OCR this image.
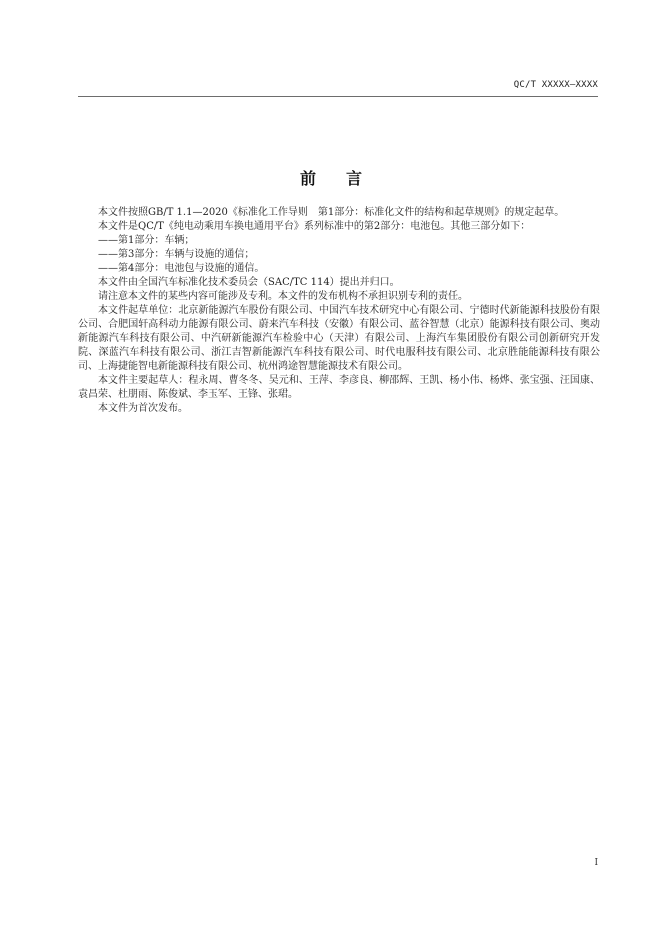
QC/T XXXXX—XXXX
前言

本文件按照GB/T 1.1—2020《标准化工作导则　第1部分：标准化文件的结构和起草规则》的规定起草。

本文件是QC/T《纯电动乘用车换电通用平台》系列标准中的第2部分：电池包。其他三部分如下：

——第1部分：车辆；

——第3部分：车辆与设施的通信；

——第4部分：电池包与设施的通信。

本文件由全国汽车标准化技术委员会（SAC/TC 114）提出并归口。

请注意本文件的某些内容可能涉及专利。本文件的发布机构不承担识别专利的责任。

本文件起草单位：北京新能源汽车股份有限公司、中国汽车技术研究中心有限公司、宁德时代新能源科技股份有限公司、合肥国轩高科动力能源有限公司、蔚来汽车科技（安徽）有限公司、蓝谷智慧（北京）能源科技有限公司、奥动新能源汽车科技有限公司、中汽研新能源汽车检验中心（天津）有限公司、上海汽车集团股份有限公司创新研究开发院、深蓝汽车科技有限公司、浙江吉智新能源汽车科技有限公司、时代电服科技有限公司、北京胜能能源科技有限公司、上海捷能智电新能源科技有限公司、杭州鸿途智慧能源技术有限公司。

本文件主要起草人：程永周、曹冬冬、吴元和、王萍、李彦良、柳邵辉、王凯、杨小伟、杨烨、张宝强、汪国康、袁昌荣、杜朋雨、陈俊斌、李玉军、王锋、张珺。

本文件为首次发布。

I
